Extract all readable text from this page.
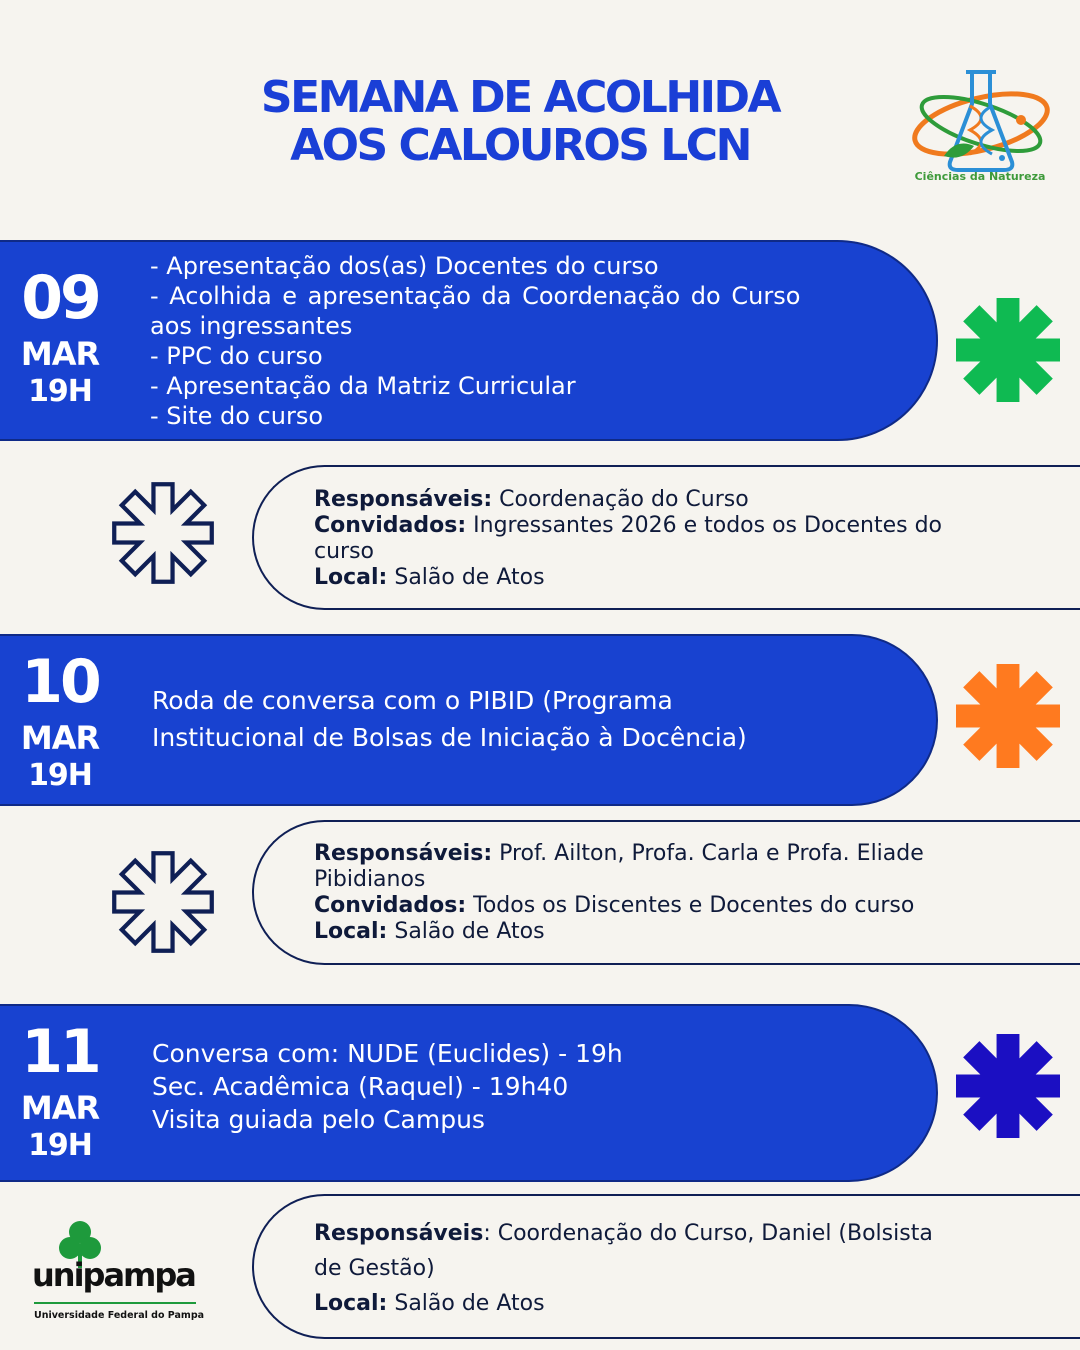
SEMANA DE ACOLHIDA
AOS CALOUROS LCN
Ciências da Natureza
09
MAR
19H
- Apresentação dos(as) Docentes do curso
- Acolhida e apresentação da Coordenação do Curso
aos ingressantes
- PPC do curso
- Apresentação da Matriz Curricular
- Site do curso
Responsáveis: Coordenação do Curso
Convidados: Ingressantes 2026 e todos os Docentes do
curso
Local: Salão de Atos
10
MAR
19H
Roda de conversa com o PIBID (Programa
Institucional de Bolsas de Iniciação à Docência)
Responsáveis: Prof. Ailton, Profa. Carla e Profa. Eliade
Pibidianos
Convidados: Todos os Discentes e Docentes do curso
Local: Salão de Atos
11
MAR
19H
Conversa com: NUDE (Euclides) - 19h
Sec. Acadêmica (Raquel) - 19h40
Visita guiada pelo Campus
Responsáveis: Coordenação do Curso, Daniel (Bolsista
de Gestão)
Local: Salão de Atos
unipampa
Universidade Federal do Pampa
